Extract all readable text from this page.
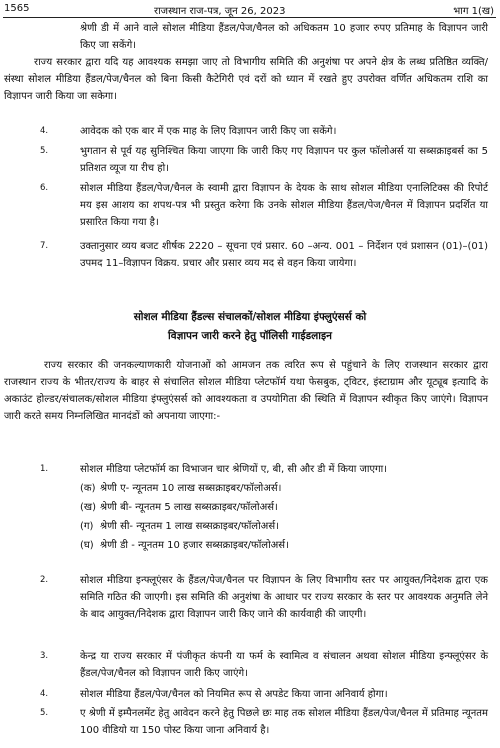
1565	राजस्थान राज-पत्र, जून 26, 2023	भाग 1(ख)
श्रेणी डी में आने वाले सोशल मीडिया हैंडल/पेज/चैनल को अधिकतम 10 हजार रुपए प्रतिमाह के विज्ञापन जारी किए जा सकेंगे।
राज्य सरकार द्वारा यदि यह आवश्यक समझा जाए तो विभागीय समिति की अनुशंषा पर अपने क्षेत्र के लब्ध प्रतिष्ठित व्यक्ति/संस्था सोशल मीडिया हैंडल/पेज/चैनल को बिना किसी कैटेगिरी एवं दरों को ध्यान में रखते हुए उपरोक्त वर्णित अधिकतम राशि का विज्ञापन जारी किया जा सकेगा।
4.	आवेदक को एक बार में एक माह के लिए विज्ञापन जारी किए जा सकेंगे।
5.	भुगतान से पूर्व यह सुनिश्चित किया जाएगा कि जारी किए गए विज्ञापन पर कुल फॉलोअर्स या सब्सक्राइबर्स का 5 प्रतिशत व्यूज या रीच हो।
6.	सोशल मीडिया हैंडल/पेज/चैनल के स्वामी द्वारा विज्ञापन के देयक के साथ सोशल मीडिया एनालिटिक्स की रिपोर्ट मय इस आशय का शपथ-पत्र भी प्रस्तुत करेगा कि उनके सोशल मीडिया हैंडल/पेज/चैनल में विज्ञापन प्रदर्शित या प्रसारित किया गया है।
7.	उक्तानुसार व्यय बजट शीर्षक 2220 – सूचना एवं प्रसार. 60 –अन्य. 001 – निर्देशन एवं प्रशासन (01)–(01) उपमद 11–विज्ञापन विक्रय. प्रचार और प्रसार व्यय मद से वहन किया जायेगा।
सोशल मीडिया हैंडल्स संचालकों/सोशल मीडिया इंफ्लुएंसर्स को
विज्ञापन जारी करने हेतु पॉलिसी गाईडलाइन
राज्य सरकार की जनकल्याणकारी योजनाओं को आमजन तक त्वरित रूप से पहुंचाने के लिए राजस्थान सरकार द्वारा राजस्थान राज्य के भीतर/राज्य के बाहर से संचालित सोशल मीडिया प्लेटफॉर्म यथा फेसबुक, ट्विटर, इंस्टाग्राम और यूट्यूब इत्यादि के अकाउंट होल्डर/संचालक/सोशल मीडिया इंफ्लुएंसर्स को आवश्यकता व उपयोगिता की स्थिति में विज्ञापन स्वीकृत किए जाएंगे। विज्ञापन जारी करते समय निम्नलिखित मानदंडों को अपनाया जाएगा:-
1.	सोशल मीडिया प्लेटफॉर्म का विभाजन चार श्रेणियों ए, बी, सी और डी में किया जाएगा।
(क) श्रेणी ए- न्यूनतम 10 लाख सब्सक्राइबर/फॉलोअर्स।
(ख) श्रेणी बी- न्यूनतम 5 लाख सब्सक्राइबर/फॉलोअर्स।
(ग) श्रेणी सी- न्यूनतम 1 लाख सब्सक्राइबर/फॉलोअर्स।
(घ) श्रेणी डी - न्यूनतम 10 हजार सब्सक्राइबर/फॉलोअर्स।
2.	सोशल मीडिया इन्फ्लूएंसर के हैंडल/पेज/चैनल पर विज्ञापन के लिए विभागीय स्तर पर आयुक्त/निदेशक द्वारा एक समिति गठित की जाएगी। इस समिति की अनुशंषा के आधार पर राज्य सरकार के स्तर पर आवश्यक अनुमति लेने के बाद आयुक्त/निदेशक द्वारा विज्ञापन जारी किए जाने की कार्यवाही की जाएगी।
3.	केन्द्र या राज्य सरकार में पंजीकृत कंपनी या फर्म के स्वामित्व व संचालन अथवा सोशल मीडिया इन्फ्लूएंसर के हैंडल/पेज/चैनल को विज्ञापन जारी किए जाएंगे।
4.	सोशल मीडिया हैंडल/पेज/चैनल को नियमित रूप से अपडेट किया जाना अनिवार्य होगा।
5.	ए श्रेणी में इम्पैनलमेंट हेतु आवेदन करने हेतु पिछले छः माह तक सोशल मीडिया हैंडल/पेज/चैनल में प्रतिमाह न्यूनतम 100 वीडियो या 150 पोस्ट किया जाना अनिवार्य है।
